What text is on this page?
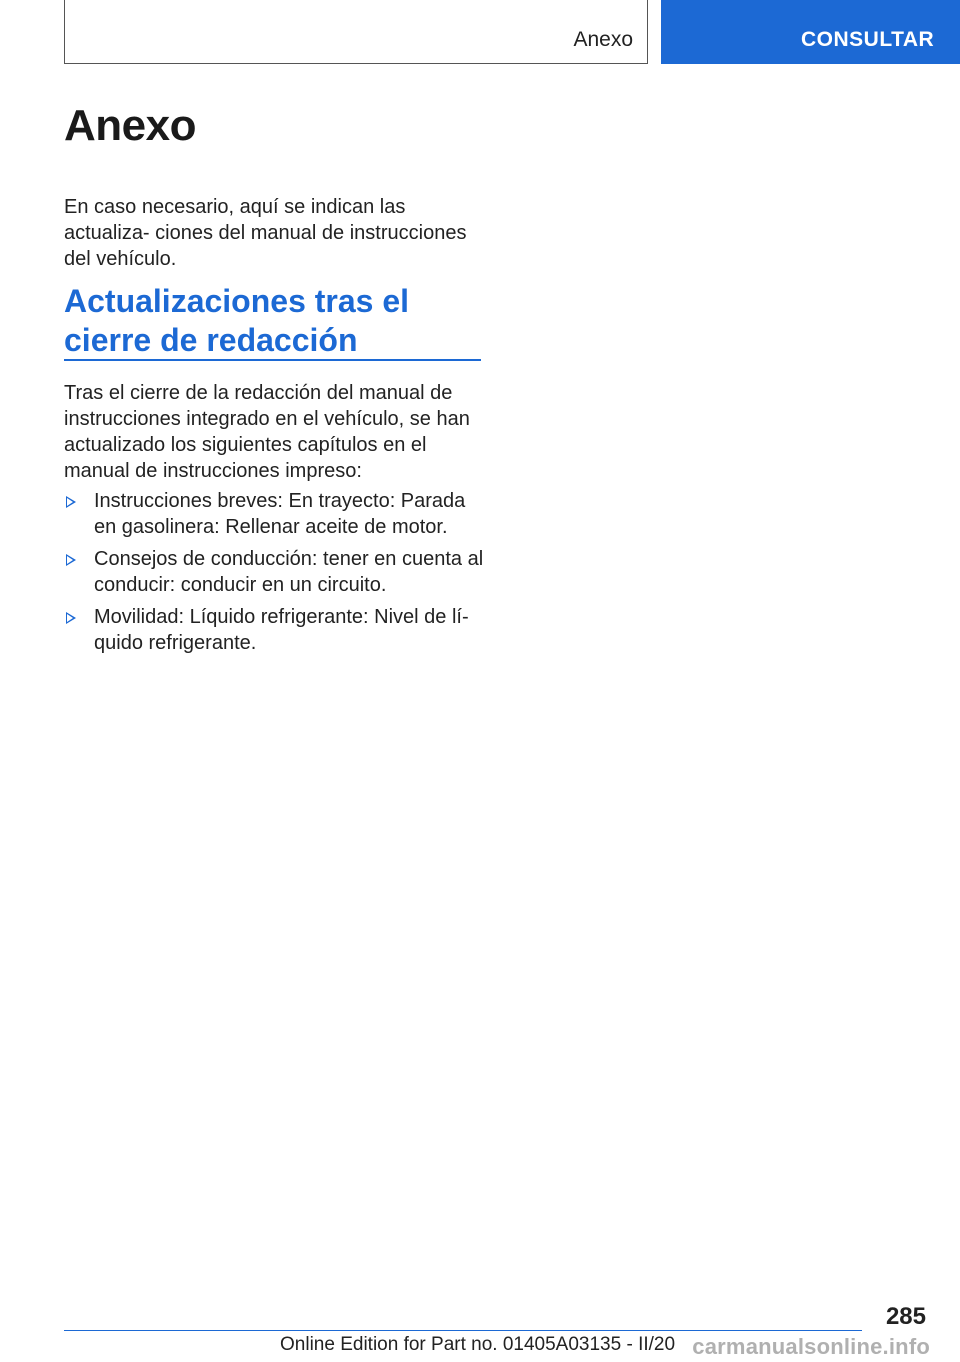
Anexo	CONSULTAR
Anexo

En caso necesario, aquí se indican las actualiza- ciones del manual de instrucciones del vehículo.

Actualizaciones tras el cierre de redacción

Tras el cierre de la redacción del manual de instrucciones integrado en el vehículo, se han actualizado los siguientes capítulos en el manual de instrucciones impreso:

Instrucciones breves: En trayecto: Parada en gasolinera: Rellenar aceite de motor.
Consejos de conducción: tener en cuenta al conducir: conducir en un circuito.
Movilidad: Líquido refrigerante: Nivel de lí- quido refrigerante.
285
Online Edition for Part no. 01405A03135 - II/20 carmanualsonline.info
